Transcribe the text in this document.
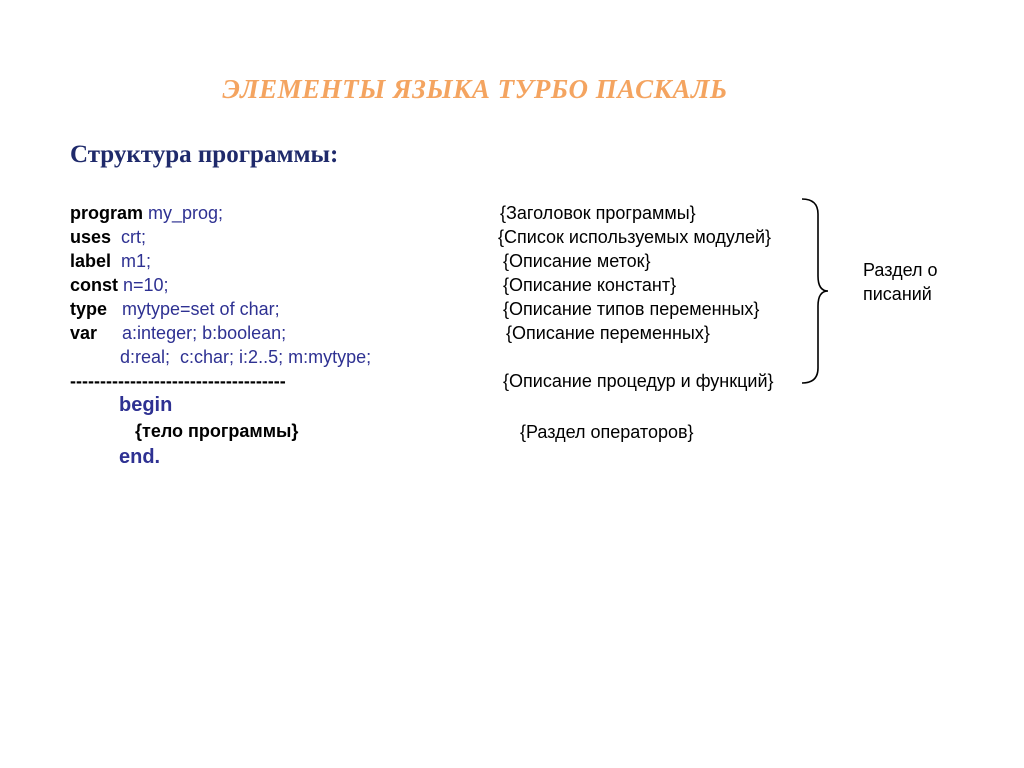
ЭЛЕМЕНТЫ ЯЗЫКА ТУРБО ПАСКАЛЬ
Структура программы:
program my_prog;
uses  crt;
label  m1;
const n=10;
type   mytype=set of char;
var     a:integer; b:boolean;
d:real;  c:char; i:2..5; m:mytype;
------------------------------------
{Заголовок программы}
{Список используемых модулей}
{Описание меток}
{Описание констант}
{Описание типов переменных}
{Описание переменных}
{Описание процедур и функций}
Раздел описаний
begin
{тело программы}
end.
{Раздел операторов}
